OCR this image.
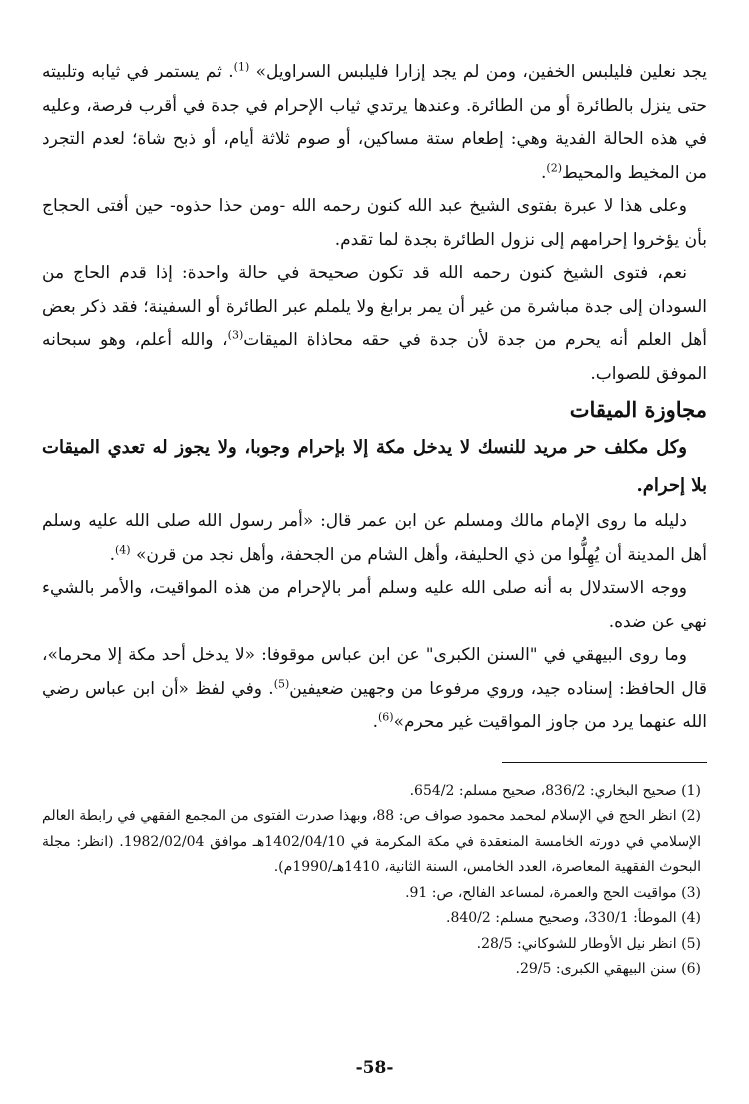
يجد نعلين فليلبس الخفين، ومن لم يجد إزارا فليلبس السراويل» $^{(1)}$. ثم يستمر في ثيابه وتلبيته حتى ينزل بالطائرة أو من الطائرة. وعندها يرتدي ثياب الإحرام في جدة في أقرب فرصة، وعليه في هذه الحالة الفدية وهي: إطعام ستة مساكين، أو صوم ثلاثة أيام، أو ذبح شاة؛ لعدم التجرد من المخيط والمحيط$^{(2)}$.

وعلى هذا لا عبرة بفتوى الشيخ عبد الله كنون رحمه الله -ومن حذا حذوه- حين أفتى الحجاج بأن يؤخروا إحرامهم إلى نزول الطائرة بجدة لما تقدم.

نعم، فتوى الشيخ كنون رحمه الله قد تكون صحيحة في حالة واحدة: إذا قدم الحاج من السودان إلى جدة مباشرة من غير أن يمر برابغ ولا يلملم عبر الطائرة أو السفينة؛ فقد ذكر بعض أهل العلم أنه يحرم من جدة لأن جدة في حقه محاذاة الميقات$^{(3)}$، والله أعلم، وهو سبحانه الموفق للصواب.

مجاوزة الميقات

وكل مكلف حر مريد للنسك لا يدخل مكة إلا بإحرام وجوبا، ولا يجوز له تعدي الميقات بلا إحرام.

دليله ما روى الإمام مالك ومسلم عن ابن عمر قال: «أمر رسول الله صلى الله عليه وسلم أهل المدينة أن يُهِلُّوا من ذي الحليفة، وأهل الشام من الجحفة، وأهل نجد من قرن» $^{(4)}$.

ووجه الاستدلال به أنه صلى الله عليه وسلم أمر بالإحرام من هذه المواقيت، والأمر بالشيء نهي عن ضده.

وما روى البيهقي في "السنن الكبرى" عن ابن عباس موقوفا: «لا يدخل أحد مكة إلا محرما»، قال الحافظ: إسناده جيد، وروي مرفوعا من وجهين ضعيفين$^{(5)}$. وفي لفظ «أن ابن عباس رضي الله عنهما يرد من جاوز المواقيت غير محرم»$^{(6)}$.

(1) صحيح البخاري: 836/2، صحيح مسلم: 654/2.

(2) انظر الحج في الإسلام لمحمد محمود صواف ص: 88، وبهذا صدرت الفتوى من المجمع الفقهي في رابطة العالم الإسلامي في دورته الخامسة المنعقدة في مكة المكرمة في 1402/04/10هـ موافق 1982/02/04. (انظر: مجلة البحوث الفقهية المعاصرة، العدد الخامس، السنة الثانية، 1410هـ/1990م).

(3) مواقيت الحج والعمرة، لمساعد الفالح، ص: 91.

(4) الموطأ: 330/1، وصحيح مسلم: 840/2.

(5) انظر نيل الأوطار للشوكاني: 28/5.

(6) سنن البيهقي الكبرى: 29/5.

-58-
